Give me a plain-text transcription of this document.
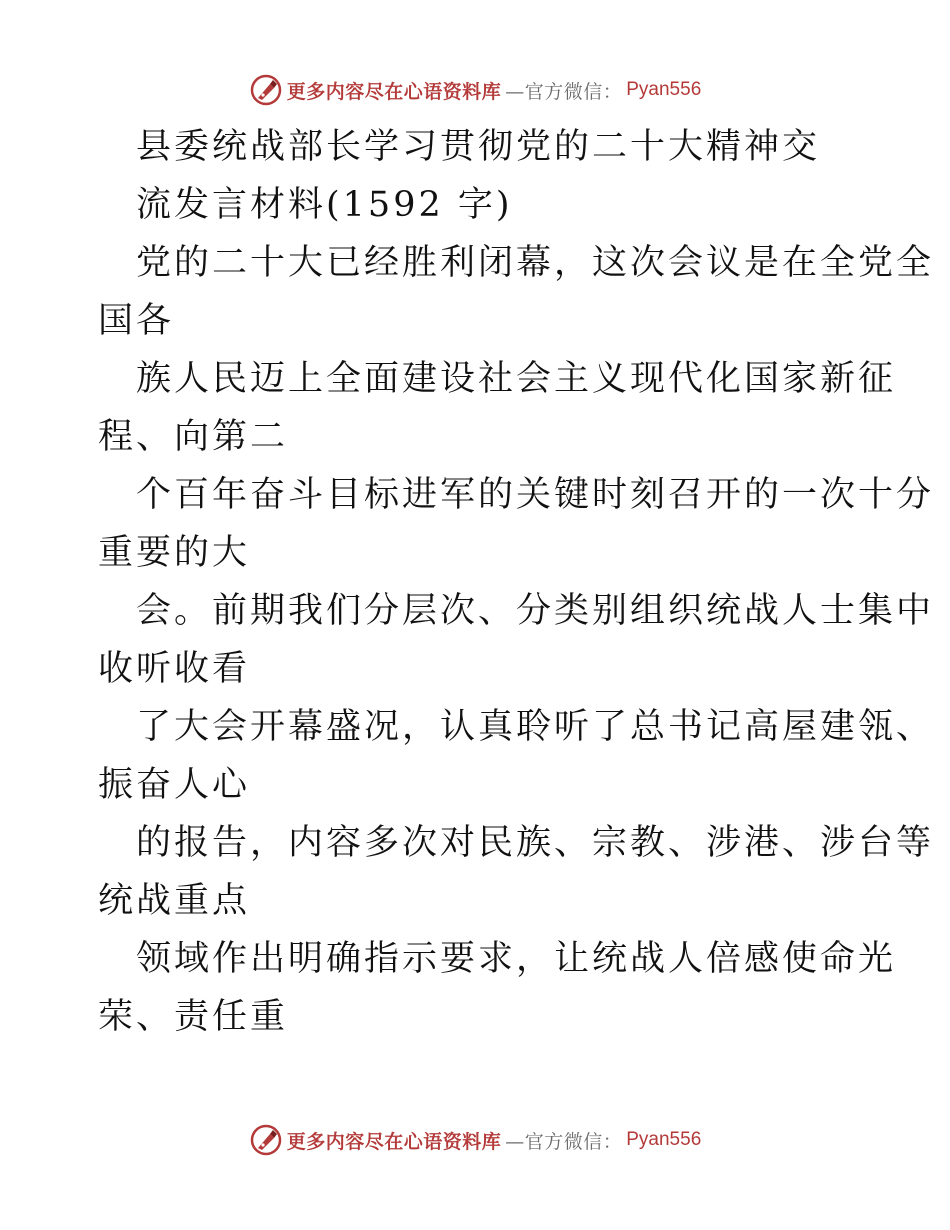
更多内容尽在心语资料库 —官方微信： Pyan556
县委统战部长学习贯彻党的二十大精神交
流发言材料(1592 字)
党的二十大已经胜利闭幕，这次会议是在全党全
国各
族人民迈上全面建设社会主义现代化国家新征
程、向第二
个百年奋斗目标进军的关键时刻召开的一次十分
重要的大
会。前期我们分层次、分类别组织统战人士集中
收听收看
了大会开幕盛况，认真聆听了总书记高屋建瓴、
振奋人心
的报告，内容多次对民族、宗教、涉港、涉台等
统战重点
领域作出明确指示要求，让统战人倍感使命光
荣、责任重
更多内容尽在心语资料库 —官方微信： Pyan556
